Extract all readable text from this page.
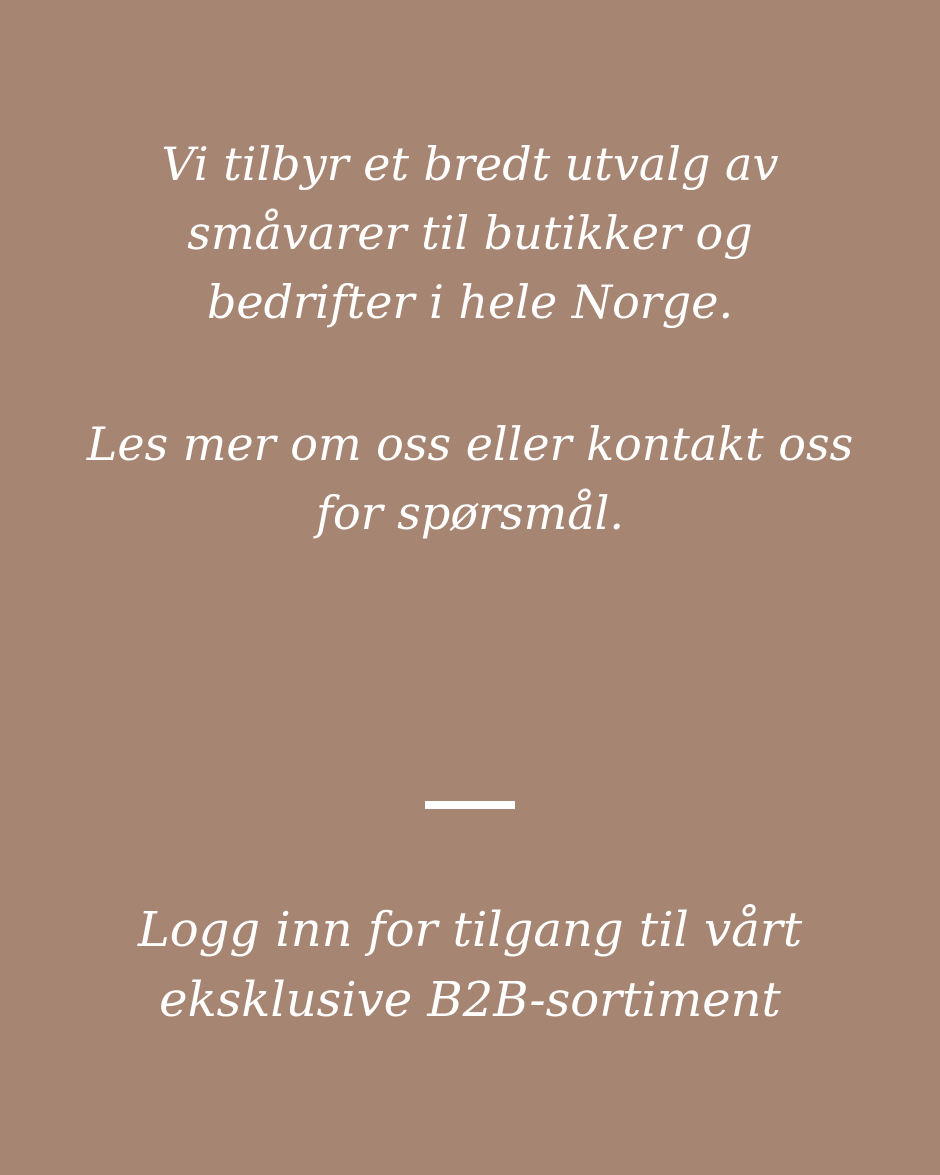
Vi tilbyr et bredt utvalg av
småvarer til butikker og
bedrifter i hele Norge.
Les mer om oss eller kontakt oss
for spørsmål.
Logg inn for tilgang til vårt
eksklusive B2B-sortiment
